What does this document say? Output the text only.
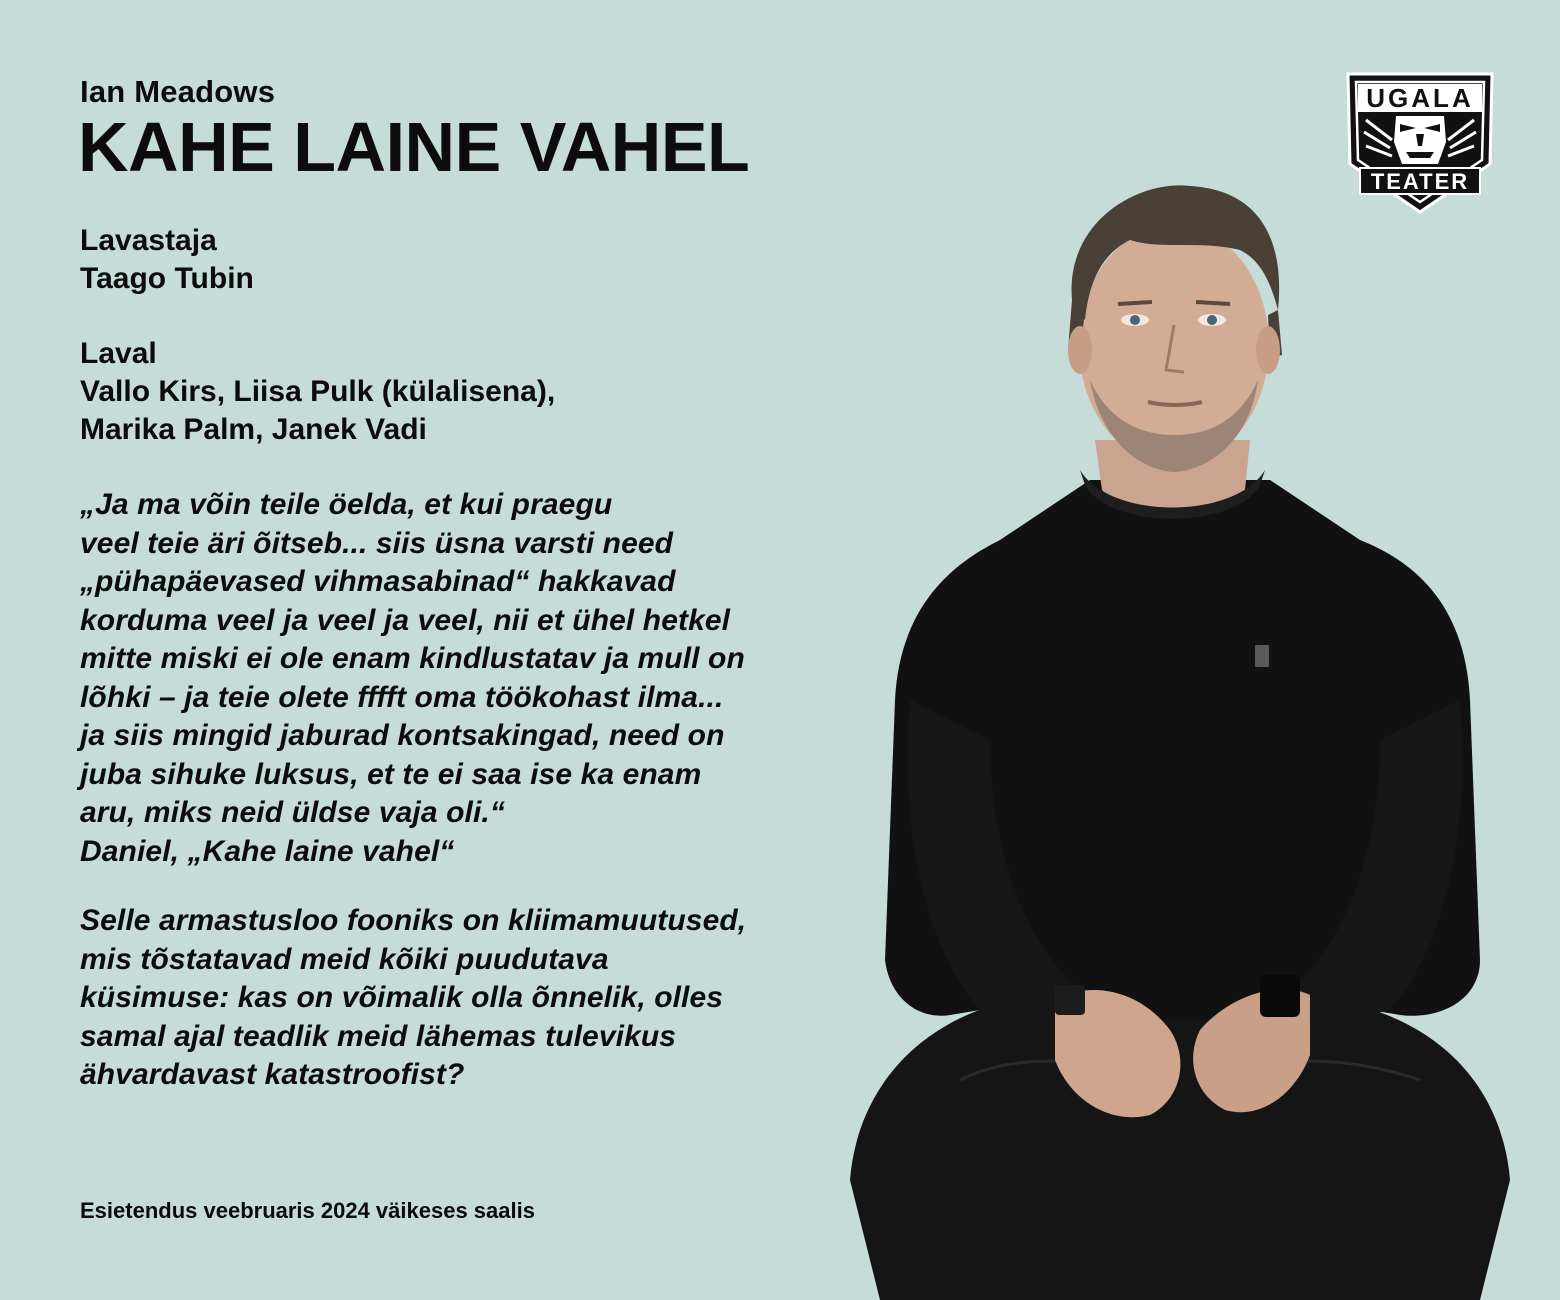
Ian Meadows
KAHE LAINE VAHEL
Lavastaja
Taago Tubin
Laval
Vallo Kirs, Liisa Pulk (külalisena),
Marika Palm, Janek Vadi
„Ja ma võin teile öelda, et kui praegu
veel teie äri õitseb... siis üsna varsti need
„pühapäevased vihmasabinad“ hakkavad
korduma veel ja veel ja veel, nii et ühel hetkel
mitte miski ei ole enam kindlustatav ja mull on
lõhki – ja teie olete fffft oma töökohast ilma...
ja siis mingid jaburad kontsakingad, need on
juba sihuke luksus, et te ei saa ise ka enam
aru, miks neid üldse vaja oli.“
Daniel, „Kahe laine vahel“
Selle armastusloo fooniks on kliimamuutused,
mis tõstatavad meid kõiki puudutava
küsimuse: kas on võimalik olla õnnelik, olles
samal ajal teadlik meid lähemas tulevikus
ähvardavast katastroofist?
Esietendus veebruaris 2024 väikeses saalis
UGALA
TEATER
